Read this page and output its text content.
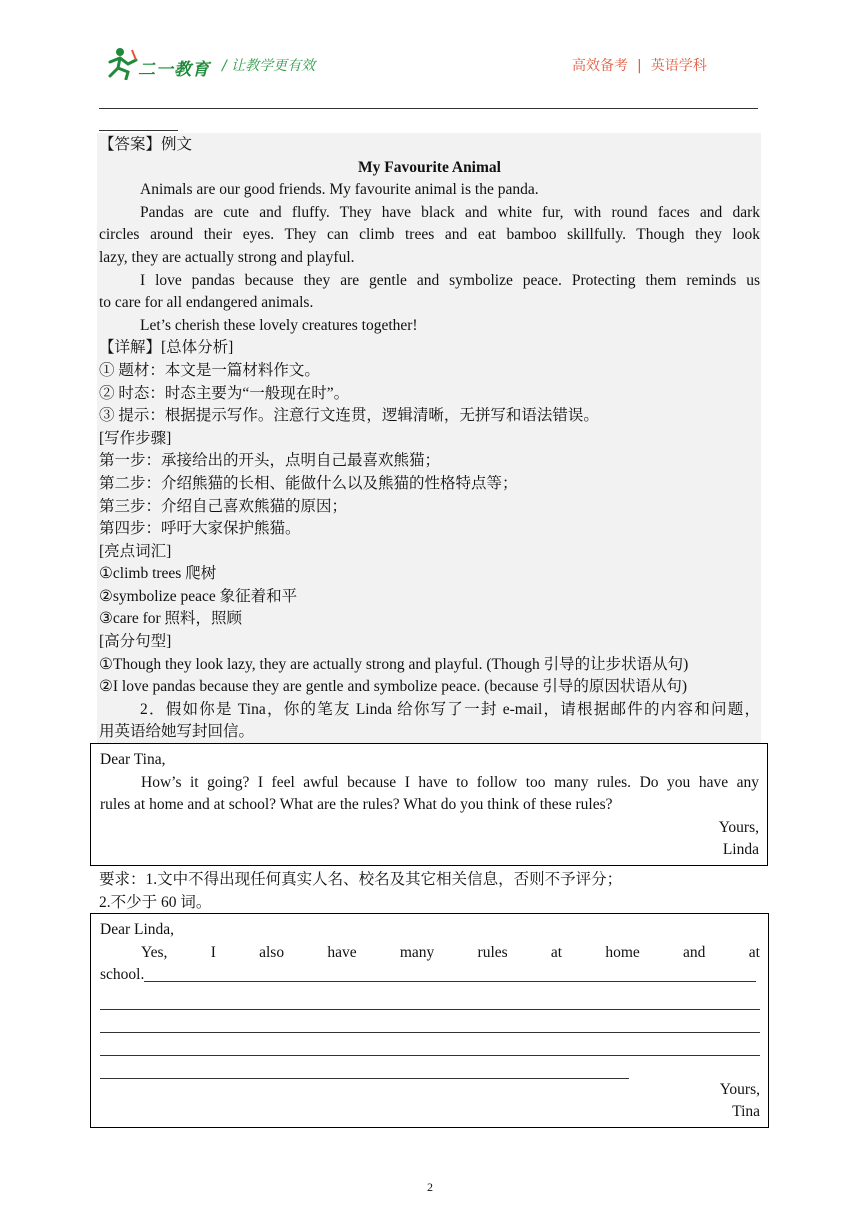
二一教育 / 让教学更有效	高效备考 | 英语学科
【答案】例文
My Favourite Animal
Animals are our good friends. My favourite animal is the panda.
Pandas are cute and fluffy. They have black and white fur, with round faces and dark
circles around their eyes. They can climb trees and eat bamboo skillfully. Though they look
lazy, they are actually strong and playful.
I love pandas because they are gentle and symbolize peace. Protecting them reminds us
to care for all endangered animals.
Let’s cherish these lovely creatures together!
【详解】[总体分析]
① 题材：本文是一篇材料作文。
② 时态：时态主要为“一般现在时”。
③ 提示：根据提示写作。注意行文连贯，逻辑清晰，无拼写和语法错误。
[写作步骤]
第一步：承接给出的开头，点明自己最喜欢熊猫；
第二步：介绍熊猫的长相、能做什么以及熊猫的性格特点等；
第三步：介绍自己喜欢熊猫的原因；
第四步：呼吁大家保护熊猫。
[亮点词汇]
①climb trees 爬树
②symbolize peace 象征着和平
③care for 照料，照顾
[高分句型]
①Though they look lazy, they are actually strong and playful. (Though 引导的让步状语从句)
②I love pandas because they are gentle and symbolize peace. (because 引导的原因状语从句)
2．假如你是 Tina，你的笔友 Linda 给你写了一封 e-mail，请根据邮件的内容和问题，
用英语给她写封回信。
Dear Tina,
How’s it going? I feel awful because I have to follow too many rules. Do you have any
rules at home and at school? What are the rules? What do you think of these rules?
Yours,
Linda
要求：1.文中不得出现任何真实人名、校名及其它相关信息，否则不予评分；
2.不少于 60 词。
Dear Linda,
Yes,	I	also	have	many	rules	at	home	and	at
school.
Yours,
Tina
2
